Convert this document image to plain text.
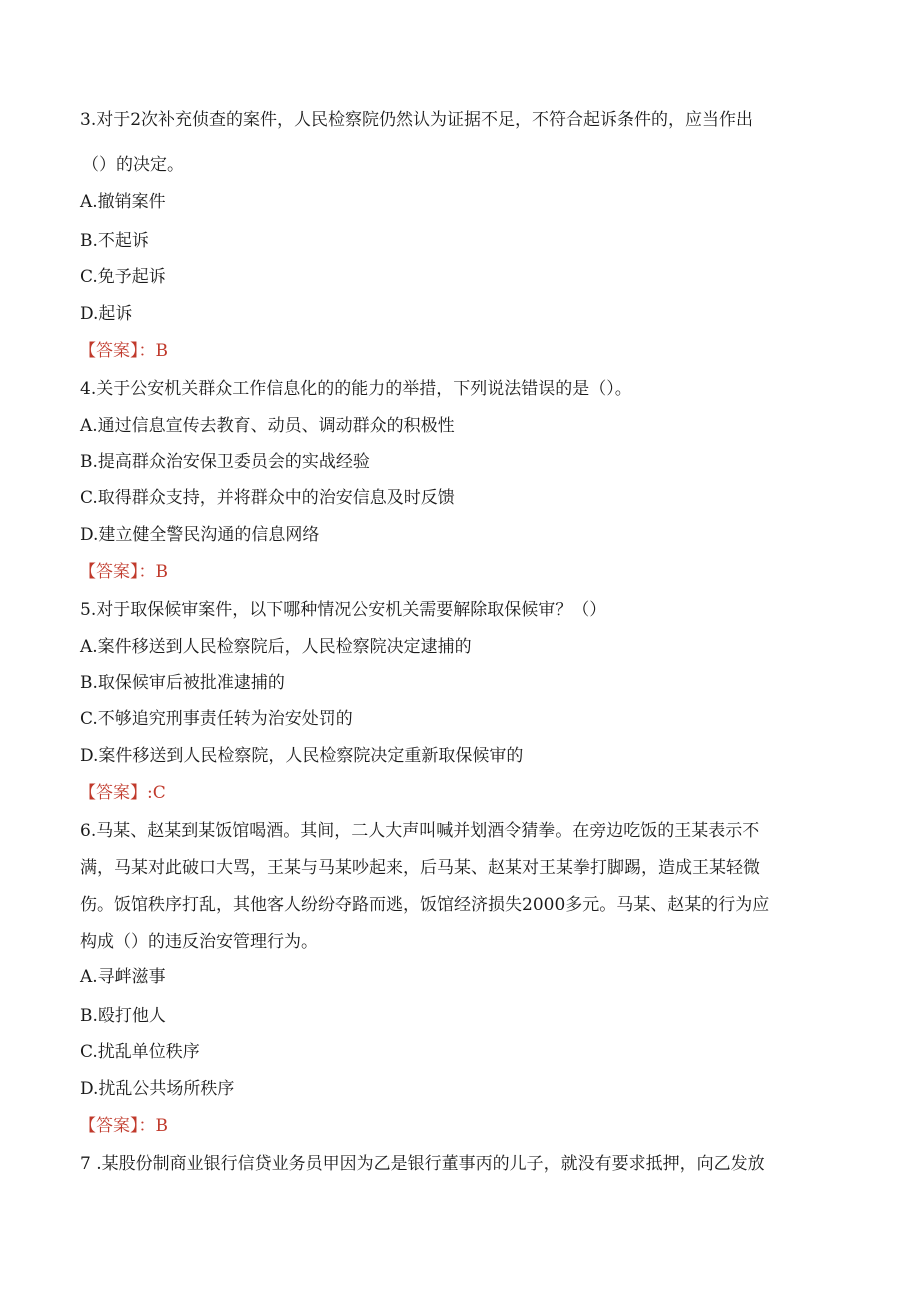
3.对于2次补充侦查的案件，人民检察院仍然认为证据不足，不符合起诉条件的，应当作出
（）的决定。
A.撤销案件
B.不起诉
C.免予起诉
D.起诉
【答案】：B
4.关于公安机关群众工作信息化的的能力的举措，下列说法错误的是（）。
A.通过信息宣传去教育、动员、调动群众的积极性
B.提高群众治安保卫委员会的实战经验
C.取得群众支持，并将群众中的治安信息及时反馈
D.建立健全警民沟通的信息网络
【答案】：B
5.对于取保候审案件，以下哪种情况公安机关需要解除取保候审？（）
A.案件移送到人民检察院后，人民检察院决定逮捕的
B.取保候审后被批准逮捕的
C.不够追究刑事责任转为治安处罚的
D.案件移送到人民检察院，人民检察院决定重新取保候审的
【答案】:C
6.马某、赵某到某饭馆喝酒。其间，二人大声叫喊并划酒令猜拳。在旁边吃饭的王某表示不
满，马某对此破口大骂，王某与马某吵起来，后马某、赵某对王某拳打脚踢，造成王某轻微
伤。饭馆秩序打乱，其他客人纷纷夺路而逃，饭馆经济损失2000多元。马某、赵某的行为应
构成（）的违反治安管理行为。
A.寻衅滋事
B.殴打他人
C.扰乱单位秩序
D.扰乱公共场所秩序
【答案】：B
7 .某股份制商业银行信贷业务员甲因为乙是银行董事丙的儿子，就没有要求抵押，向乙发放
